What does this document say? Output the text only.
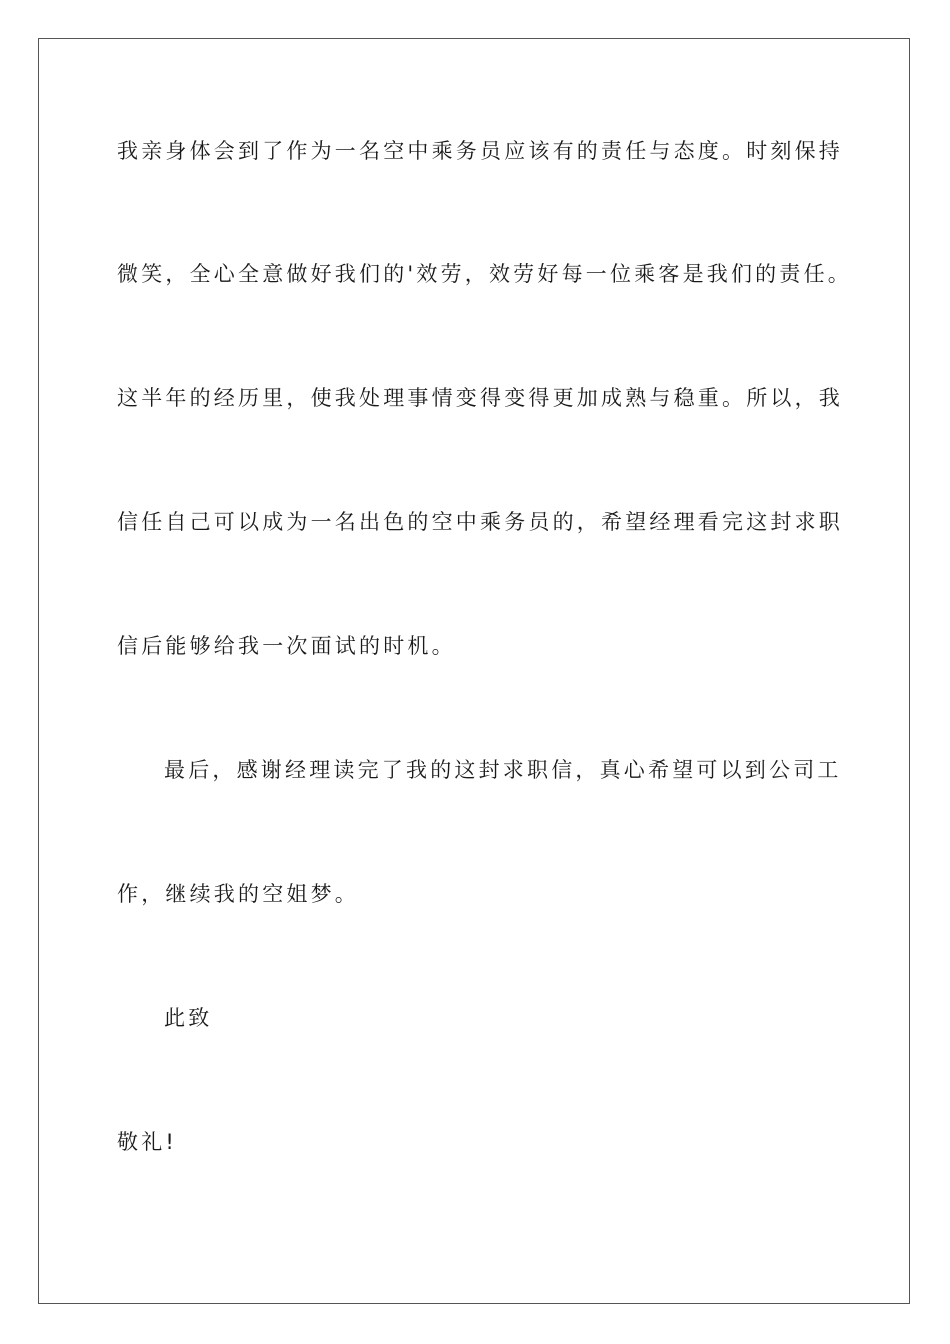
我亲身体会到了作为一名空中乘务员应该有的责任与态度。时刻保持

微笑，全心全意做好我们的'效劳，效劳好每一位乘客是我们的责任。

这半年的经历里，使我处理事情变得变得更加成熟与稳重。所以，我

信任自己可以成为一名出色的空中乘务员的，希望经理看完这封求职

信后能够给我一次面试的时机。

最后，感谢经理读完了我的这封求职信，真心希望可以到公司工

作，继续我的空姐梦。

此致

敬礼!
